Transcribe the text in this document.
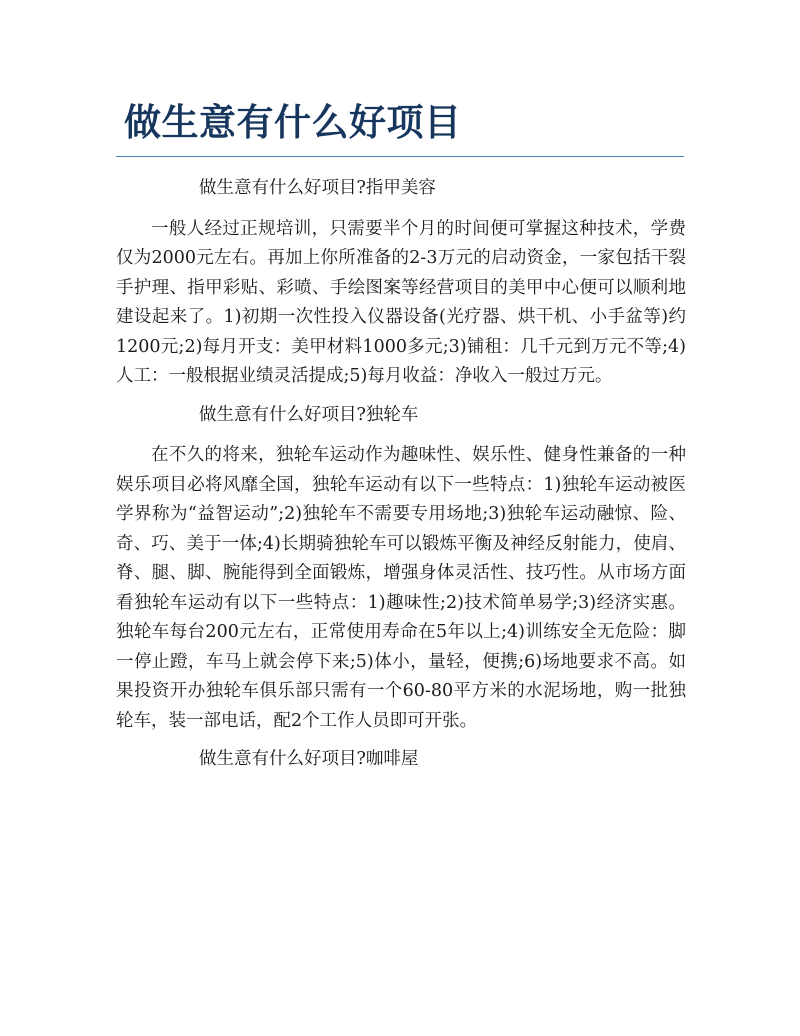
做生意有什么好项目

做生意有什么好项目?指甲美容

一般人经过正规培训，只需要半个月的时间便可掌握这种技术，学费仅为2000元左右。再加上你所准备的2-3万元的启动资金，一家包括干裂手护理、指甲彩贴、彩喷、手绘图案等经营项目的美甲中心便可以顺利地建设起来了。1)初期一次性投入仪器设备(光疗器、烘干机、小手盆等)约1200元;2)每月开支：美甲材料1000多元;3)铺租：几千元到万元不等;4)人工：一般根据业绩灵活提成;5)每月收益：净收入一般过万元。

做生意有什么好项目?独轮车

在不久的将来，独轮车运动作为趣味性、娱乐性、健身性兼备的一种娱乐项目必将风靡全国，独轮车运动有以下一些特点：1)独轮车运动被医学界称为“益智运动”;2)独轮车不需要专用场地;3)独轮车运动融惊、险、奇、巧、美于一体;4)长期骑独轮车可以锻炼平衡及神经反射能力，使肩、脊、腿、脚、腕能得到全面锻炼，增强身体灵活性、技巧性。从市场方面看独轮车运动有以下一些特点：1)趣味性;2)技术简单易学;3)经济实惠。独轮车每台200元左右，正常使用寿命在5年以上;4)训练安全无危险：脚一停止蹬，车马上就会停下来;5)体小，量轻，便携;6)场地要求不高。如果投资开办独轮车俱乐部只需有一个60-80平方米的水泥场地，购一批独轮车，装一部电话，配2个工作人员即可开张。

做生意有什么好项目?咖啡屋
